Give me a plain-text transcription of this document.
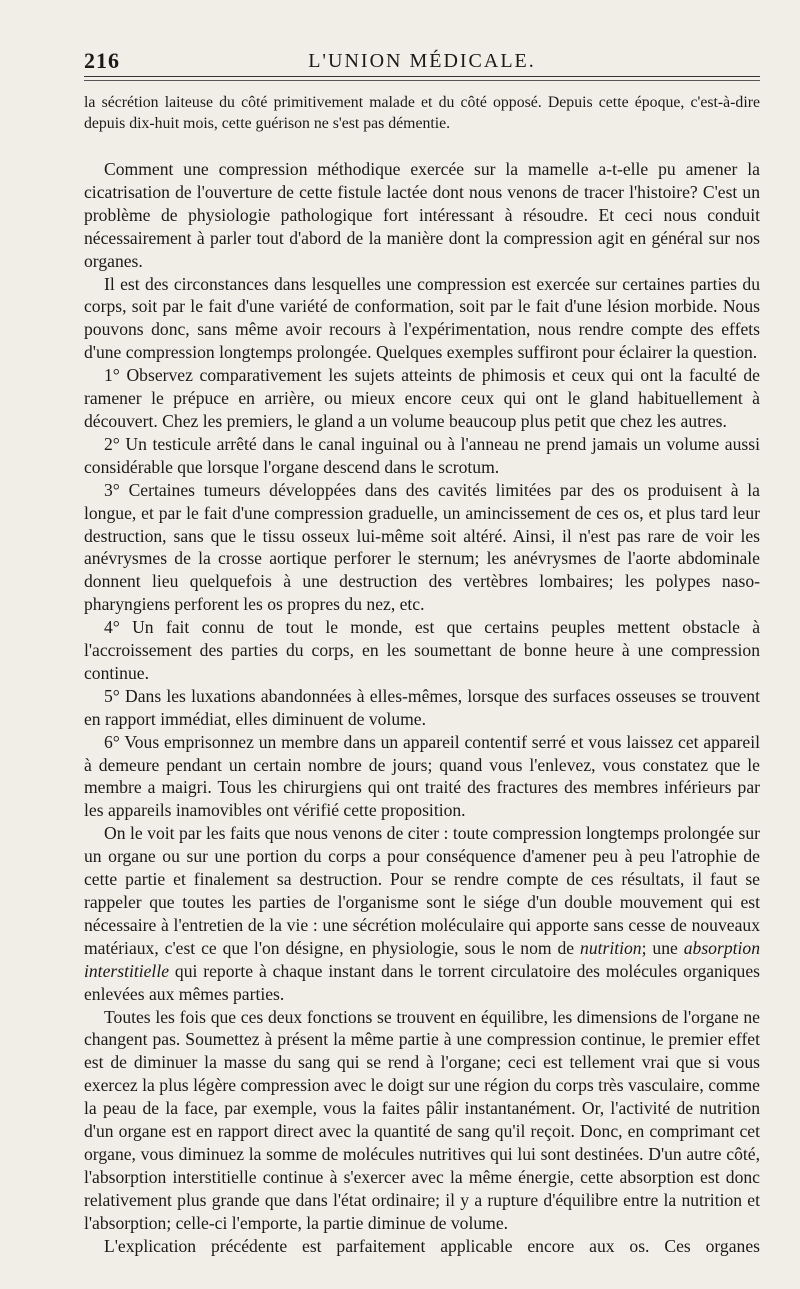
216	L'UNION MÉDICALE.

la sécrétion laiteuse du côté primitivement malade et du côté opposé. Depuis cette époque, c'est-à-dire depuis dix-huit mois, cette guérison ne s'est pas démentie.

Comment une compression méthodique exercée sur la mamelle a-t-elle pu amener la cicatrisation de l'ouverture de cette fistule lactée dont nous venons de tracer l'histoire? C'est un problème de physiologie pathologique fort intéressant à résoudre. Et ceci nous conduit nécessairement à parler tout d'abord de la manière dont la compression agit en général sur nos organes.

Il est des circonstances dans lesquelles une compression est exercée sur certaines parties du corps, soit par le fait d'une variété de conformation, soit par le fait d'une lésion morbide. Nous pouvons donc, sans même avoir recours à l'expérimentation, nous rendre compte des effets d'une compression longtemps prolongée. Quelques exemples suffiront pour éclairer la question.

1° Observez comparativement les sujets atteints de phimosis et ceux qui ont la faculté de ramener le prépuce en arrière, ou mieux encore ceux qui ont le gland habituellement à découvert. Chez les premiers, le gland a un volume beaucoup plus petit que chez les autres.

2° Un testicule arrêté dans le canal inguinal ou à l'anneau ne prend jamais un volume aussi considérable que lorsque l'organe descend dans le scrotum.

3° Certaines tumeurs développées dans des cavités limitées par des os produisent à la longue, et par le fait d'une compression graduelle, un amincissement de ces os, et plus tard leur destruction, sans que le tissu osseux lui-même soit altéré. Ainsi, il n'est pas rare de voir les anévrysmes de la crosse aortique perforer le sternum; les anévrysmes de l'aorte abdominale donnent lieu quelquefois à une destruction des vertèbres lombaires; les polypes naso-pharyngiens perforent les os propres du nez, etc.

4° Un fait connu de tout le monde, est que certains peuples mettent obstacle à l'accroissement des parties du corps, en les soumettant de bonne heure à une compression continue.

5° Dans les luxations abandonnées à elles-mêmes, lorsque des surfaces osseuses se trouvent en rapport immédiat, elles diminuent de volume.

6° Vous emprisonnez un membre dans un appareil contentif serré et vous laissez cet appareil à demeure pendant un certain nombre de jours; quand vous l'enlevez, vous constatez que le membre a maigri. Tous les chirurgiens qui ont traité des fractures des membres inférieurs par les appareils inamovibles ont vérifié cette proposition.

On le voit par les faits que nous venons de citer : toute compression longtemps prolongée sur un organe ou sur une portion du corps a pour conséquence d'amener peu à peu l'atrophie de cette partie et finalement sa destruction. Pour se rendre compte de ces résultats, il faut se rappeler que toutes les parties de l'organisme sont le siége d'un double mouvement qui est nécessaire à l'entretien de la vie : une sécrétion moléculaire qui apporte sans cesse de nouveaux matériaux, c'est ce que l'on désigne, en physiologie, sous le nom de nutrition; une absorption interstitielle qui reporte à chaque instant dans le torrent circulatoire des molécules organiques enlevées aux mêmes parties.

Toutes les fois que ces deux fonctions se trouvent en équilibre, les dimensions de l'organe ne changent pas. Soumettez à présent la même partie à une compression continue, le premier effet est de diminuer la masse du sang qui se rend à l'organe; ceci est tellement vrai que si vous exercez la plus légère compression avec le doigt sur une région du corps très vasculaire, comme la peau de la face, par exemple, vous la faites pâlir instantanément. Or, l'activité de nutrition d'un organe est en rapport direct avec la quantité de sang qu'il reçoit. Donc, en comprimant cet organe, vous diminuez la somme de molécules nutritives qui lui sont destinées. D'un autre côté, l'absorption interstitielle continue à s'exercer avec la même énergie, cette absorption est donc relativement plus grande que dans l'état ordinaire; il y a rupture d'équilibre entre la nutrition et l'absorption; celle-ci l'emporte, la partie diminue de volume.

L'explication précédente est parfaitement applicable encore aux os. Ces organes
